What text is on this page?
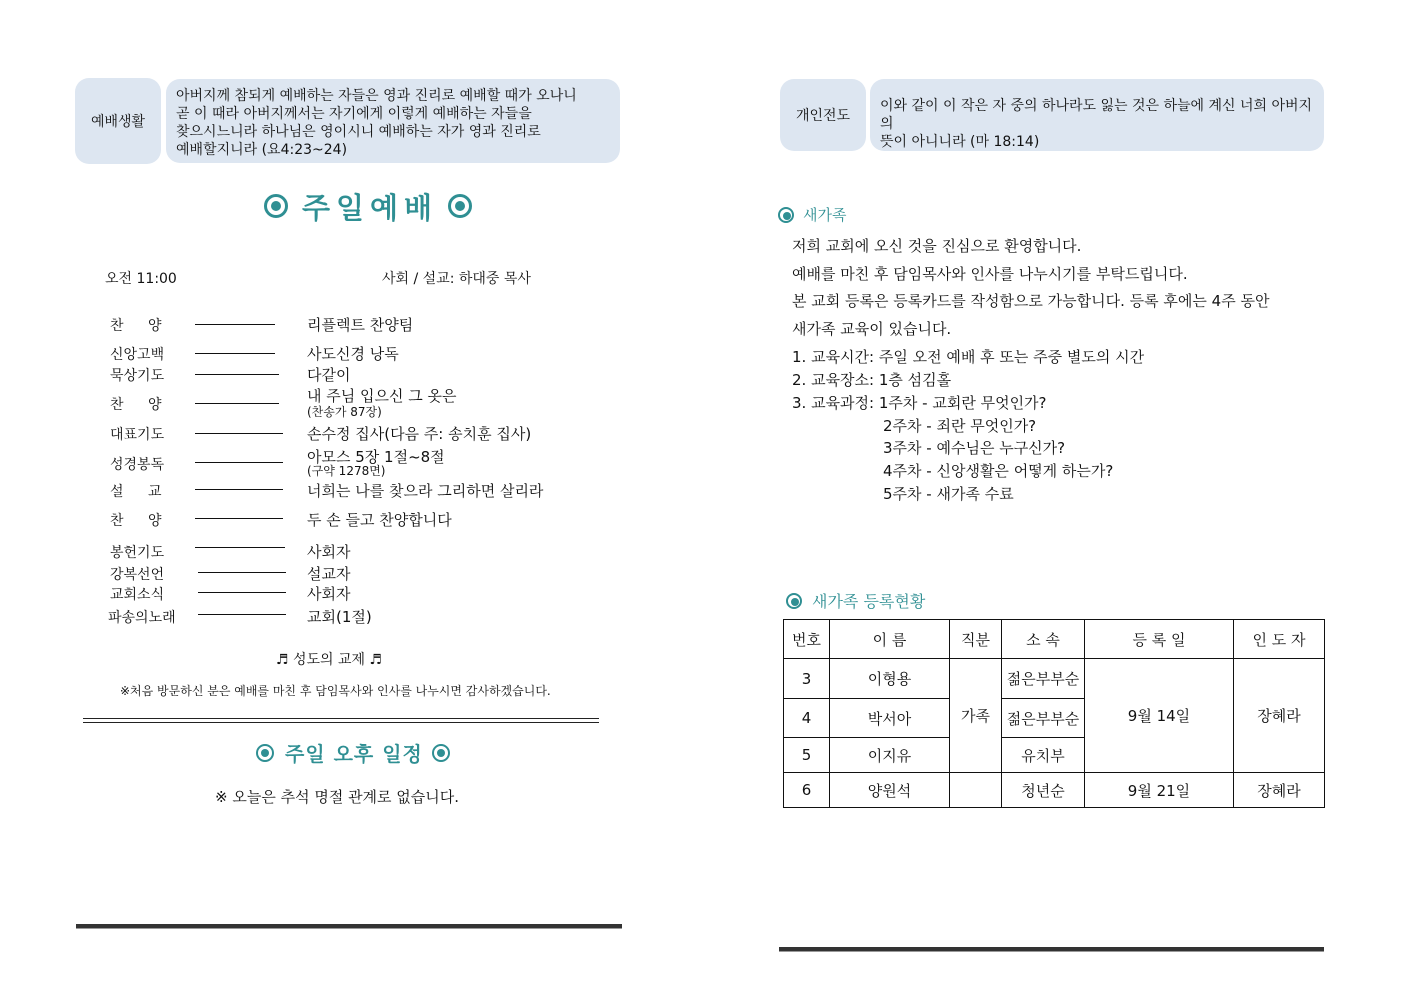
예배생활
아버지께 참되게 예배하는 자들은 영과 진리로 예배할 때가 오나니
곧 이 때라 아버지께서는 자기에게 이렇게 예배하는 자들을
찾으시느니라 하나님은 영이시니 예배하는 자가 영과 진리로
예배할지니라 (요4:23~24)
주일예배
오전 11:00	사회 / 설교: 하대중 목사
찬 양	리플렉트 찬양팀
신앙고백	사도신경 낭독
묵상기도	다같이
찬 양	내 주님 입으신 그 옷은
(찬송가 87장)
대표기도	손수정 집사(다음 주: 송치훈 집사)
성경봉독	아모스 5장 1절~8절
(구약 1278면)
설 교	너희는 나를 찾으라 그리하면 살리라
찬 양	두 손 들고 찬양합니다
봉헌기도	사회자
강복선언	설교자
교회소식	사회자
파송의노래	교회(1절)
♬ 성도의 교제 ♬
※처음 방문하신 분은 예배를 마친 후 담임목사와 인사를 나누시면 감사하겠습니다.
주일 오후 일정
※ 오늘은 추석 명절 관계로 없습니다.
개인전도
이와 같이 이 작은 자 중의 하나라도 잃는 것은 하늘에 계신 너희 아버지의
뜻이 아니니라 (마 18:14)
새가족
저희 교회에 오신 것을 진심으로 환영합니다.
예배를 마친 후 담임목사와 인사를 나누시기를 부탁드립니다.
본 교회 등록은 등록카드를 작성함으로 가능합니다. 등록 후에는 4주 동안
새가족 교육이 있습니다.
1. 교육시간: 주일 오전 예배 후 또는 주중 별도의 시간
2. 교육장소: 1층 섬김홀
3. 교육과정: 1주차 - 교회란 무엇인가?
2주차 - 죄란 무엇인가?
3주차 - 예수님은 누구신가?
4주차 - 신앙생활은 어떻게 하는가?
5주차 - 새가족 수료
새가족 등록현황
번호	이 름	직분	소 속	등 록 일	인 도 자
3	이형용	가족	젊은부부순	9월 14일	장혜라
4	박서아		젊은부부순		
5	이지유		유치부		
6	양원석		청년순	9월 21일	장혜라
